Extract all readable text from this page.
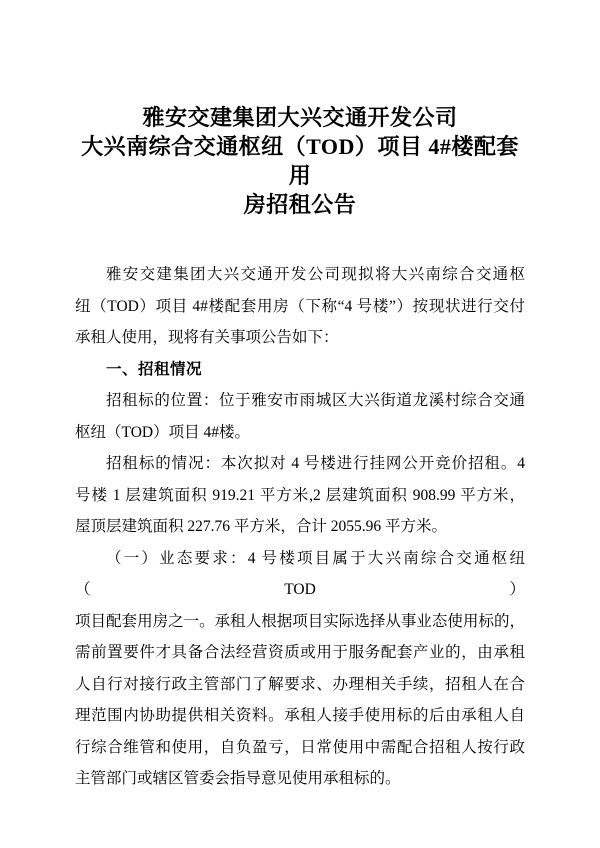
雅安交建集团大兴交通开发公司
大兴南综合交通枢纽（TOD）项目 4#楼配套用
房招租公告
雅安交建集团大兴交通开发公司现拟将大兴南综合交通枢
纽（TOD）项目 4#楼配套用房（下称“4 号楼”）按现状进行交付
承租人使用，现将有关事项公告如下：
一、招租情况
招租标的位置：位于雅安市雨城区大兴街道龙溪村综合交通
枢纽（TOD）项目 4#楼。
招租标的情况：本次拟对 4 号楼进行挂网公开竞价招租。4
号楼 1 层建筑面积 919.21 平方米,2 层建筑面积 908.99 平方米，
屋顶层建筑面积 227.76 平方米，合计 2055.96 平方米。
（一）业态要求：4 号楼项目属于大兴南综合交通枢纽（TOD）
项目配套用房之一。承租人根据项目实际选择从事业态使用标的，
需前置要件才具备合法经营资质或用于服务配套产业的，由承租
人自行对接行政主管部门了解要求、办理相关手续，招租人在合
理范围内协助提供相关资料。承租人接手使用标的后由承租人自
行综合维管和使用，自负盈亏，日常使用中需配合招租人按行政
主管部门或辖区管委会指导意见使用承租标的。
